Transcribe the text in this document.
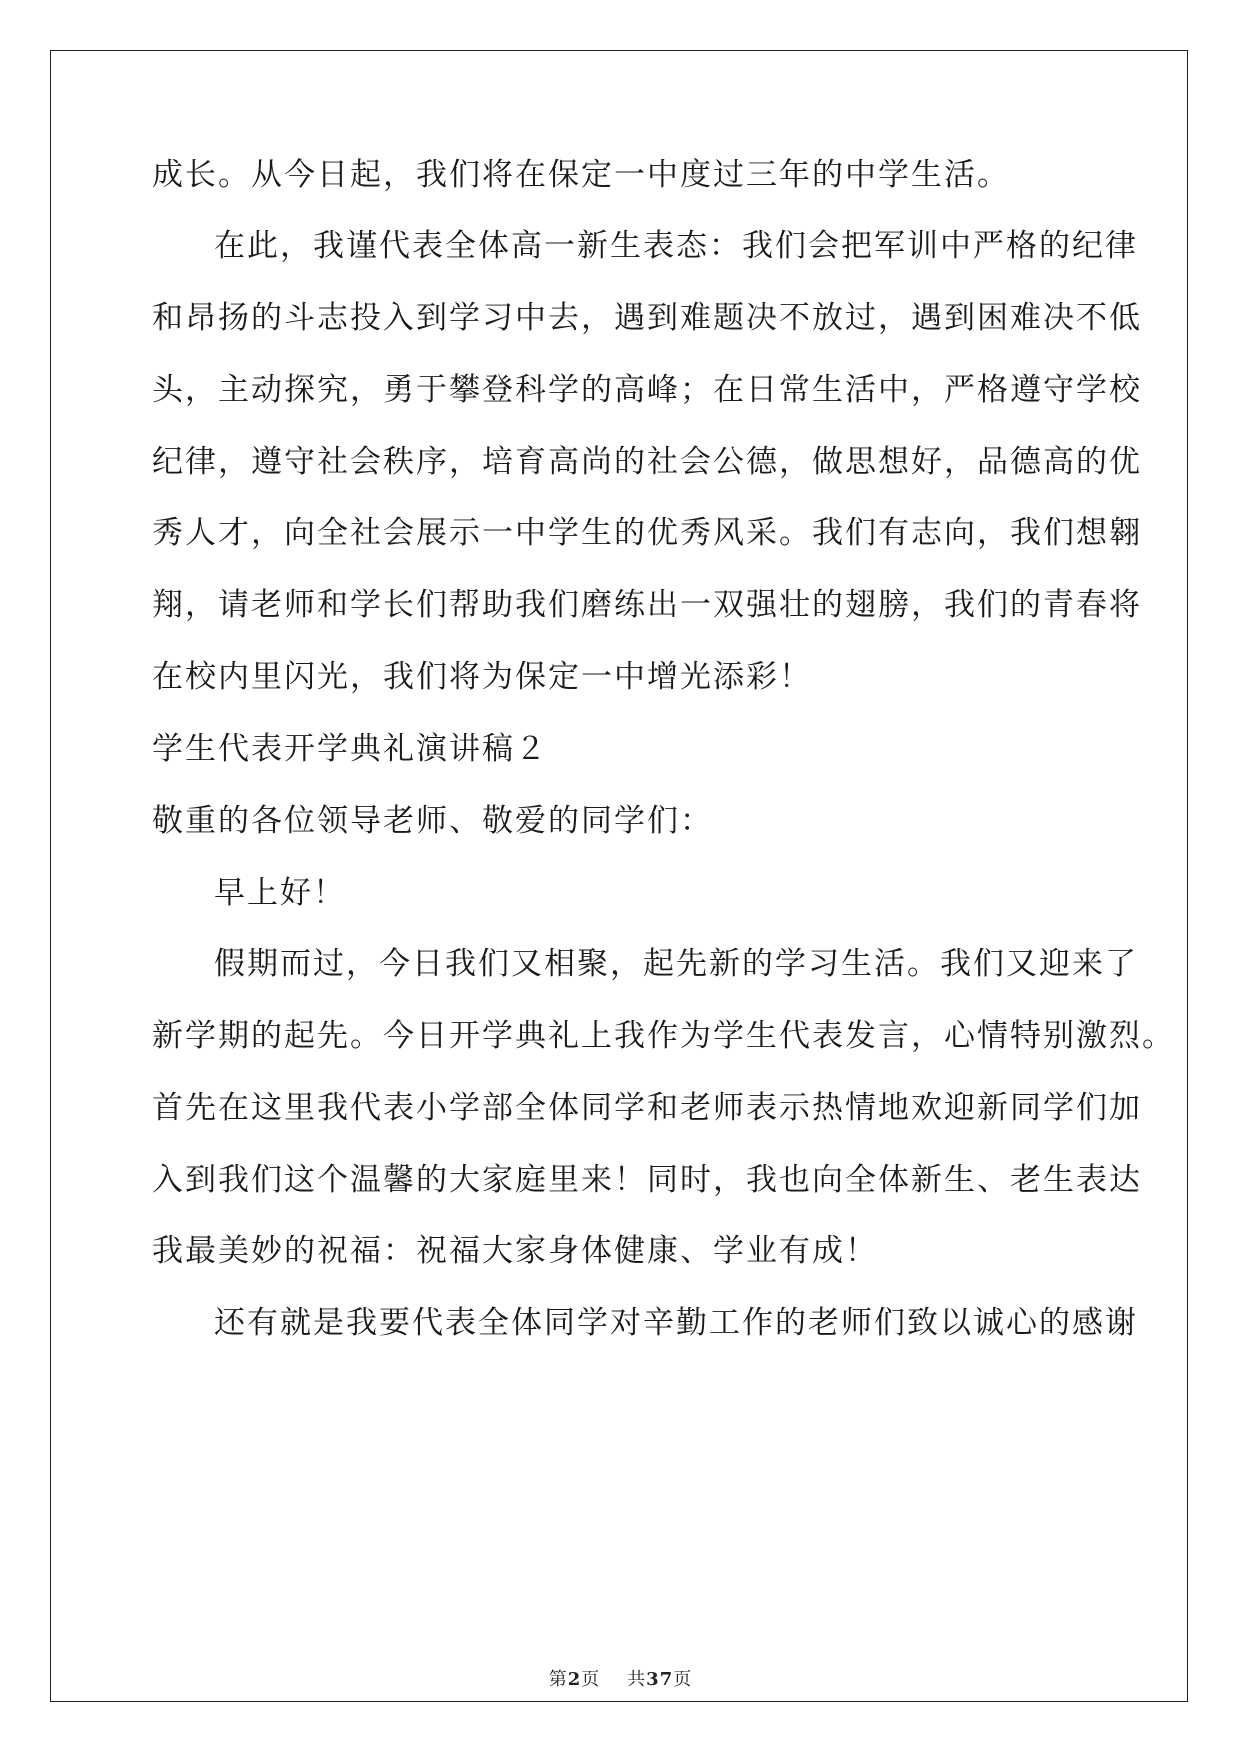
成长。从今日起，我们将在保定一中度过三年的中学生活。
在此，我谨代表全体高一新生表态：我们会把军训中严格的纪律
和昂扬的斗志投入到学习中去，遇到难题决不放过，遇到困难决不低
头，主动探究，勇于攀登科学的高峰；在日常生活中，严格遵守学校
纪律，遵守社会秩序，培育高尚的社会公德，做思想好，品德高的优
秀人才，向全社会展示一中学生的优秀风采。我们有志向，我们想翱
翔，请老师和学长们帮助我们磨练出一双强壮的翅膀，我们的青春将
在校内里闪光，我们将为保定一中增光添彩！
学生代表开学典礼演讲稿２
敬重的各位领导老师、敬爱的同学们：
早上好！
假期而过，今日我们又相聚，起先新的学习生活。我们又迎来了
新学期的起先。今日开学典礼上我作为学生代表发言，心情特别激烈。
首先在这里我代表小学部全体同学和老师表示热情地欢迎新同学们加
入到我们这个温馨的大家庭里来！同时，我也向全体新生、老生表达
我最美妙的祝福：祝福大家身体健康、学业有成！
还有就是我要代表全体同学对辛勤工作的老师们致以诚心的感谢
第2页 共37页
